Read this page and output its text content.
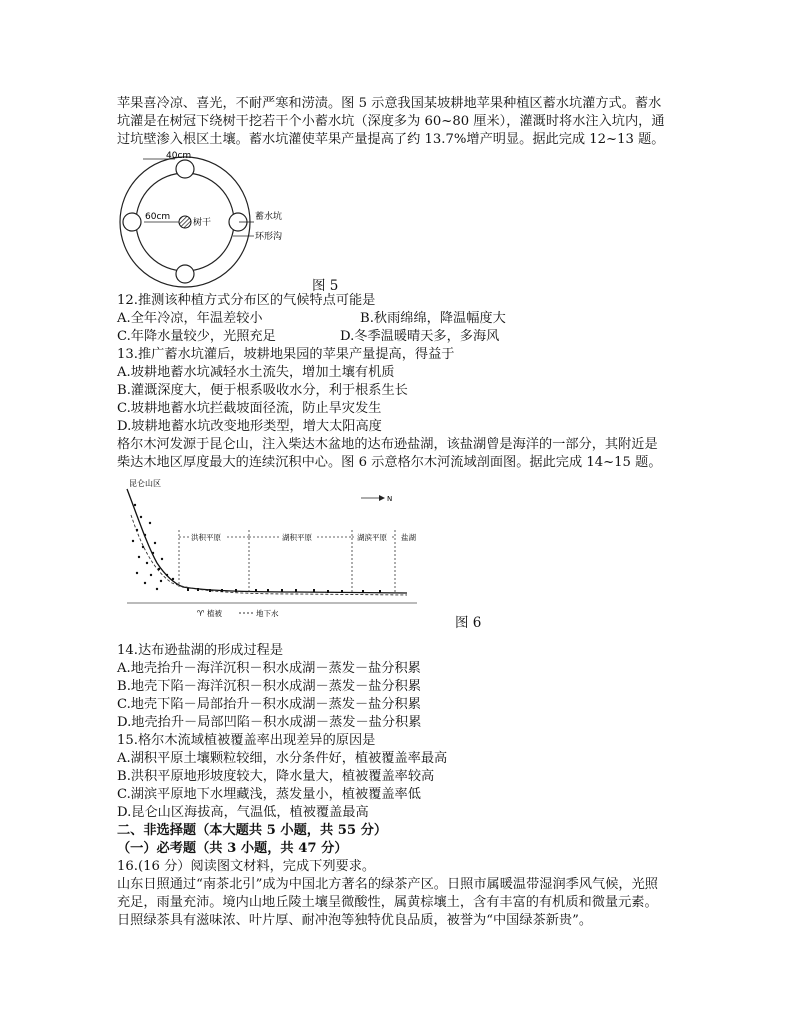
苹果喜冷凉、喜光，不耐严寒和涝渍。图 5 示意我国某坡耕地苹果种植区蓄水坑灌方式。蓄水
坑灌是在树冠下绕树干挖若干个小蓄水坑（深度多为 60~80 厘米），灌溉时将水注入坑内，通
过坑壁渗入根区土壤。蓄水坑灌使苹果产量提高了约 13.7%增产明显。据此完成 12~13 题。
40cm
60cm
树干
蓄水坑
环形沟
图 5
12.推测该种植方式分布区的气候特点可能是
A.全年冷凉，年温差较小	B.秋雨绵绵，降温幅度大
C.年降水量较少，光照充足	D.冬季温暖晴天多，多海风
13.推广蓄水坑灌后，坡耕地果园的苹果产量提高，得益于
A.坡耕地蓄水坑减轻水土流失，增加土壤有机质
B.灌溉深度大，便于根系吸收水分，利于根系生长
C.坡耕地蓄水坑拦截坡面径流，防止旱灾发生
D.坡耕地蓄水坑改变地形类型，增大太阳高度
格尔木河发源于昆仑山，注入柴达木盆地的达布逊盐湖，该盐湖曾是海洋的一部分，其附近是
柴达木地区厚度最大的连续沉积中心。图 6 示意格尔木河流域剖面图。据此完成 14~15 题。
昆仑山区
N
洪积平原	湖积平原	湖滨平原 盐湖
♈ 植被	地下水
图 6
14.达布逊盐湖的形成过程是
A.地壳抬升－海洋沉积－积水成湖－蒸发－盐分积累
B.地壳下陷－海洋沉积－积水成湖－蒸发－盐分积累
C.地壳下陷－局部抬升－积水成湖－蒸发－盐分积累
D.地壳抬升－局部凹陷－积水成湖－蒸发－盐分积累
15.格尔木流域植被覆盖率出现差异的原因是
A.湖积平原土壤颗粒较细，水分条件好，植被覆盖率最高
B.洪积平原地形坡度较大，降水量大，植被覆盖率较高
C.湖滨平原地下水埋藏浅，蒸发量小，植被覆盖率低
D.昆仑山区海拔高，气温低，植被覆盖最高
二、非选择题（本大题共 5 小题，共 55 分）
（一）必考题（共 3 小题，共 47 分）
16.(16 分）阅读图文材料，完成下列要求。
山东日照通过“南茶北引”成为中国北方著名的绿茶产区。日照市属暖温带湿润季风气候，光照
充足，雨量充沛。境内山地丘陵土壤呈微酸性，属黄棕壤土，含有丰富的有机质和微量元素。
日照绿茶具有滋味浓、叶片厚、耐冲泡等独特优良品质，被誉为“中国绿茶新贵”。
